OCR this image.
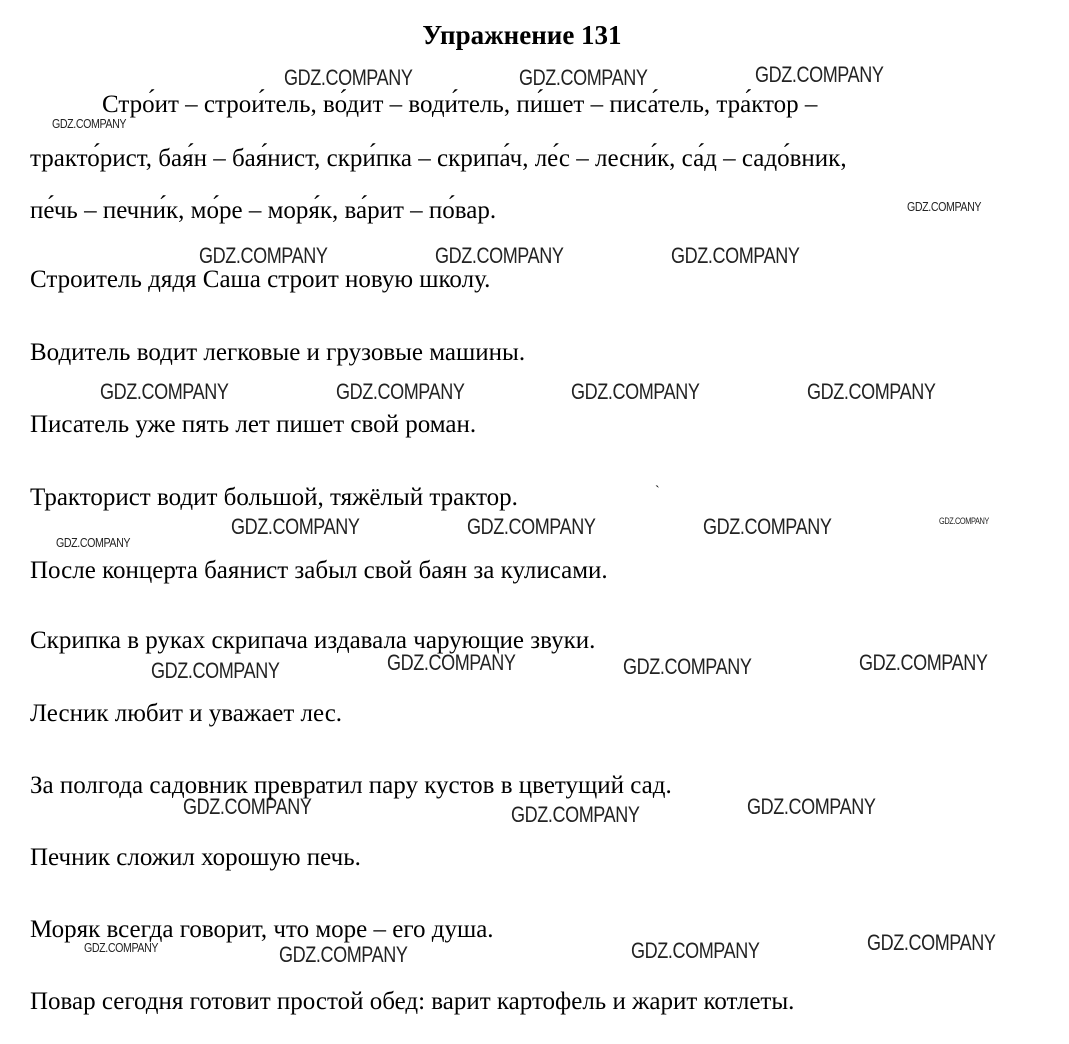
Упражнение 131
Стро́ит – строи́тель, во́дит – води́тель, пи́шет – писа́тель, тра́ктор –
тракто́рист, бая́н – бая́нист, скри́пка – скрипа́ч, ле́с – лесни́к, са́д – садо́вник,
пе́чь – печни́к, мо́ре – моря́к, ва́рит – по́вар.
Строитель дядя Саша строит новую школу.
Водитель водит легковые и грузовые машины.
Писатель уже пять лет пишет свой роман.
Тракторист водит большой, тяжёлый трактор.
После концерта баянист забыл свой баян за кулисами.
Скрипка в руках скрипача издавала чарующие звуки.
Лесник любит и уважает лес.
За полгода садовник превратил пару кустов в цветущий сад.
Печник сложил хорошую печь.
Моряк всегда говорит, что море – его душа.
Повар сегодня готовит простой обед: варит картофель и жарит котлеты.
ˋ
GDZ.COMPANY	GDZ.COMPANY	GDZ.COMPANY
GDZ.COMPANY
GDZ.COMPANY
GDZ.COMPANY	GDZ.COMPANY	GDZ.COMPANY
GDZ.COMPANY	GDZ.COMPANY	GDZ.COMPANY	GDZ.COMPANY
GDZ.COMPANY	GDZ.COMPANY	GDZ.COMPANY	GDZ.COMPANY
GDZ.COMPANY
GDZ.COMPANY	GDZ.COMPANY	GDZ.COMPANY	GDZ.COMPANY
GDZ.COMPANY	GDZ.COMPANY	GDZ.COMPANY
GDZ.COMPANY	GDZ.COMPANY	GDZ.COMPANY	GDZ.COMPANY
